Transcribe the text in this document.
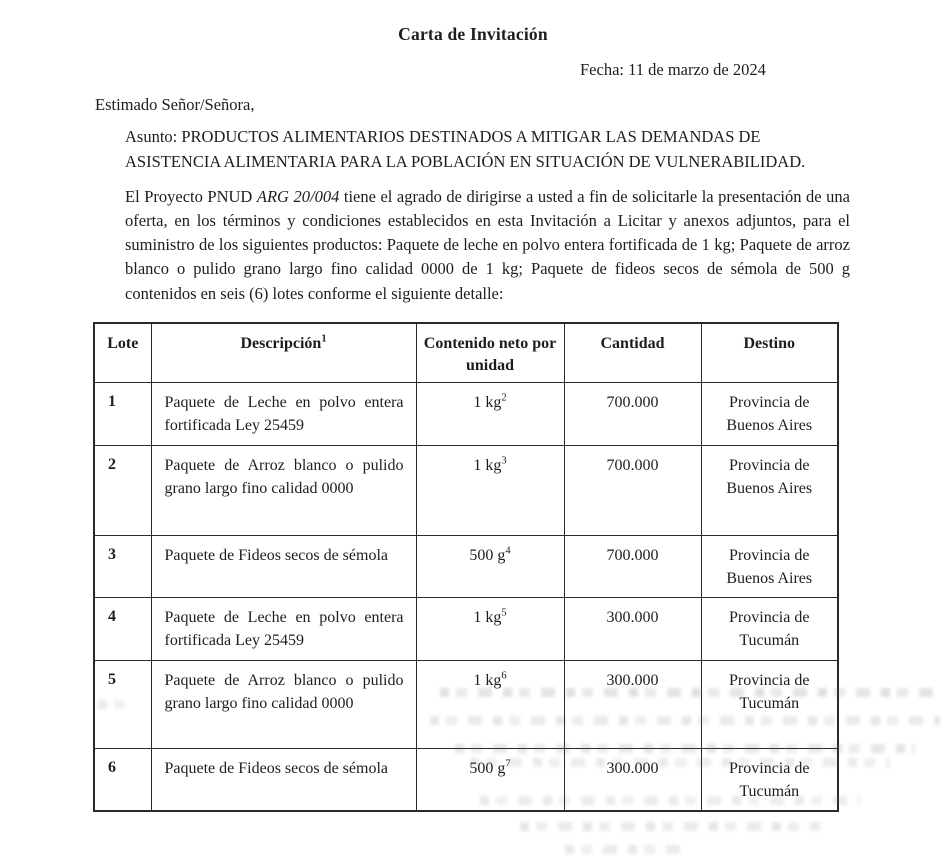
Carta de Invitación
Fecha: 11 de marzo de 2024
Estimado Señor/Señora,

Asunto: PRODUCTOS ALIMENTARIOS DESTINADOS A MITIGAR LAS DEMANDAS DE ASISTENCIA ALIMENTARIA PARA LA POBLACIÓN EN SITUACIÓN DE VULNERABILIDAD.

El Proyecto PNUD ARG 20/004 tiene el agrado de dirigirse a usted a fin de solicitarle la presentación de una oferta, en los términos y condiciones establecidos en esta Invitación a Licitar y anexos adjuntos, para el suministro de los siguientes productos: Paquete de leche en polvo entera fortificada de 1 kg; Paquete de arroz blanco o pulido grano largo fino calidad 0000 de 1 kg; Paquete de fideos secos de sémola de 500 g contenidos en seis (6) lotes conforme el siguiente detalle:

Lote	Descripción$^1$	Contenido neto por unidad	Cantidad	Destino
1	Paquete de Leche en polvo entera fortificada Ley 25459	1 kg$^2$	700.000	Provincia de Buenos Aires
2	Paquete de Arroz blanco o pulido grano largo fino calidad 0000	1 kg$^3$	700.000	Provincia de Buenos Aires
3	Paquete de Fideos secos de sémola	500 g$^4$	700.000	Provincia de Buenos Aires
4	Paquete de Leche en polvo entera fortificada Ley 25459	1 kg$^5$	300.000	Provincia de Tucumán
5	Paquete de Arroz blanco o pulido grano largo fino calidad 0000	1 kg$^6$	300.000	Provincia de Tucumán
6	Paquete de Fideos secos de sémola	500 g$^7$	300.000	Provincia de Tucumán
